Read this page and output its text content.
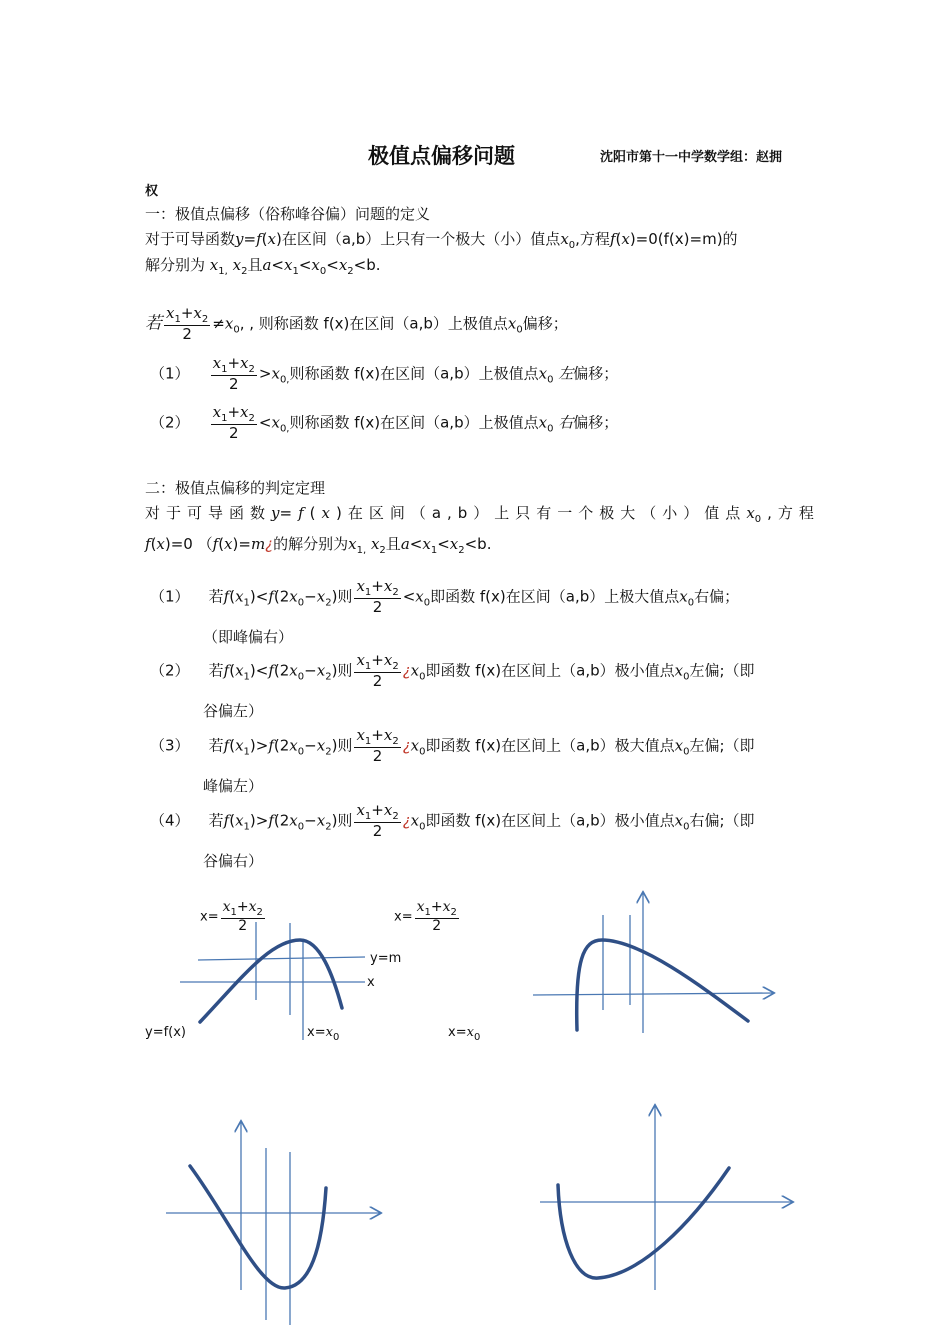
极值点偏移问题	沈阳市第十一中学数学组：赵拥
权
一：极值点偏移（俗称峰谷偏）问题的定义
对于可导函数y=f(x)在区间（a,b）上只有一个极大（小）值点$x_0$,方程f(x)=0(f(x)=m)的
解分别为 $x_{1,}$ $x_2$且$a<x_1<x_0<x_2<b$.
若 $\frac{x_1+x_2}{2} \ne x_0$, , 则称函数 f(x)在区间（a,b）上极值点$x_0$偏移；
$(1) \frac{x_1+x_2}{2} >x_{0,}$则称函数 f(x)在区间（a,b）上极值点$x_0$ 左偏移；
$(2) \frac{x_1+x_2}{2} <x_{0,}$则称函数 f(x)在区间（a,b）上极值点$x_0$ 右偏移；
二：极值点偏移的判定定理
对于可导函数y=f(x)在区间（a,b）上只有一个极大（小）值点$x_0$,方程
f(x)=0 （f(x)=m¿的解分别为$x_{1,}$ $x_2$且$a<x_1<x_2<b$.
（1） 若$f(x_1)<f(2x_0-x_2)$则 $\frac{x_1+x_2}{2} <x_0$即函数 f(x)在区间（a,b）上极大值点$x_0$右偏；
（即峰偏右）
（2） 若$f(x_1)<f(2x_0-x_2)$则 $\frac{x_1+x_2}{2}$ ¿$x_0$即函数 f(x)在区间上（a,b）极小值点$x_0$左偏;（即
谷偏左）
（3） 若$f(x_1)>f(2x_0-x_2)$则 $\frac{x_1+x_2}{2}$ ¿$x_0$即函数 f(x)在区间上（a,b）极大值点$x_0$左偏;（即
峰偏左）
（4） 若$f(x_1)>f(2x_0-x_2)$则 $\frac{x_1+x_2}{2}$ ¿$x_0$即函数 f(x)在区间上（a,b）极小值点$x_0$右偏;（即
谷偏右）
$x= \frac{x_1+x_2}{2}$	$x= \frac{x_1+x_2}{2}$
y=m
x
y=f(x)	$x=x_0$	$x=x_0$
